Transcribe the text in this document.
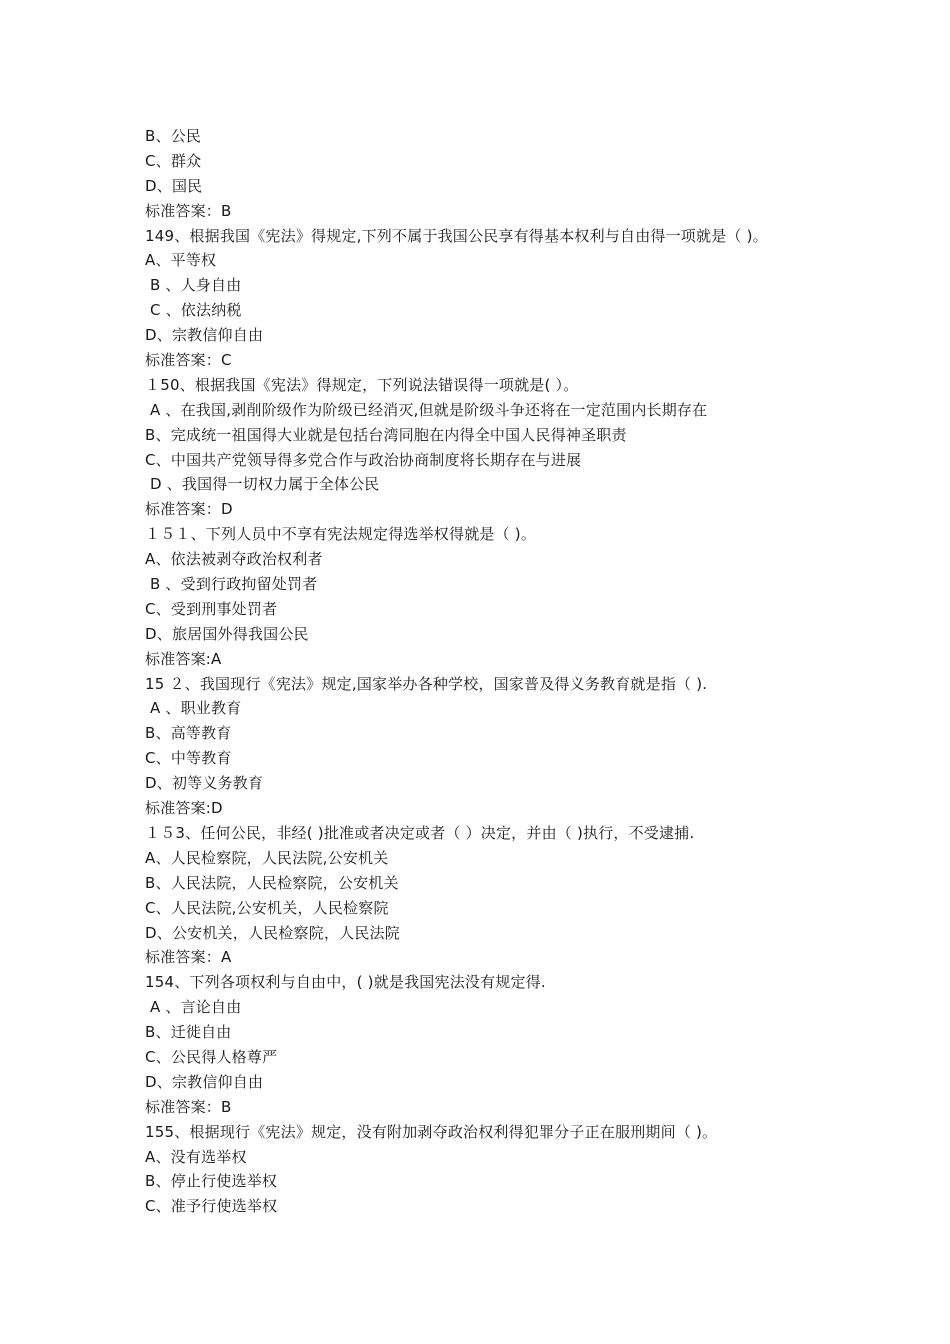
B、公民
C、群众
D、国民
标准答案：B
149、根据我国《宪法》得规定,下列不属于我国公民享有得基本权利与自由得一项就是（ )。
A、平等权
B 、人身自由
C 、依法纳税
D、宗教信仰自由
标准答案：C
１50、根据我国《宪法》得规定，下列说法错误得一项就是( ）。
A 、在我国,剥削阶级作为阶级已经消灭,但就是阶级斗争还将在一定范围内长期存在
B、完成统一祖国得大业就是包括台湾同胞在内得全中国人民得神圣职责
C、中国共产党领导得多党合作与政治协商制度将长期存在与进展
D 、我国得一切权力属于全体公民
标准答案：D
１５１、下列人员中不享有宪法规定得选举权得就是（ )。
A、依法被剥夺政治权利者
B 、受到行政拘留处罚者
C、受到刑事处罚者
D、旅居国外得我国公民
标准答案:A
15 ２、我国现行《宪法》规定,国家举办各种学校，国家普及得义务教育就是指（ ).
A 、职业教育
B、高等教育
C、中等教育
D、初等义务教育
标准答案:D
１５3、任何公民，非经( )批准或者决定或者（ ）决定，并由（ )执行，不受逮捕.
A、人民检察院，人民法院,公安机关
B、人民法院，人民检察院，公安机关
C、人民法院,公安机关，人民检察院
D、公安机关，人民检察院，人民法院
标准答案：A
154、下列各项权利与自由中，( )就是我国宪法没有规定得.
A 、言论自由
B、迁徙自由
C、公民得人格尊严
D、宗教信仰自由
标准答案：B
155、根据现行《宪法》规定，没有附加剥夺政治权利得犯罪分子正在服刑期间（ )。
A、没有选举权
B、停止行使选举权
C、准予行使选举权
